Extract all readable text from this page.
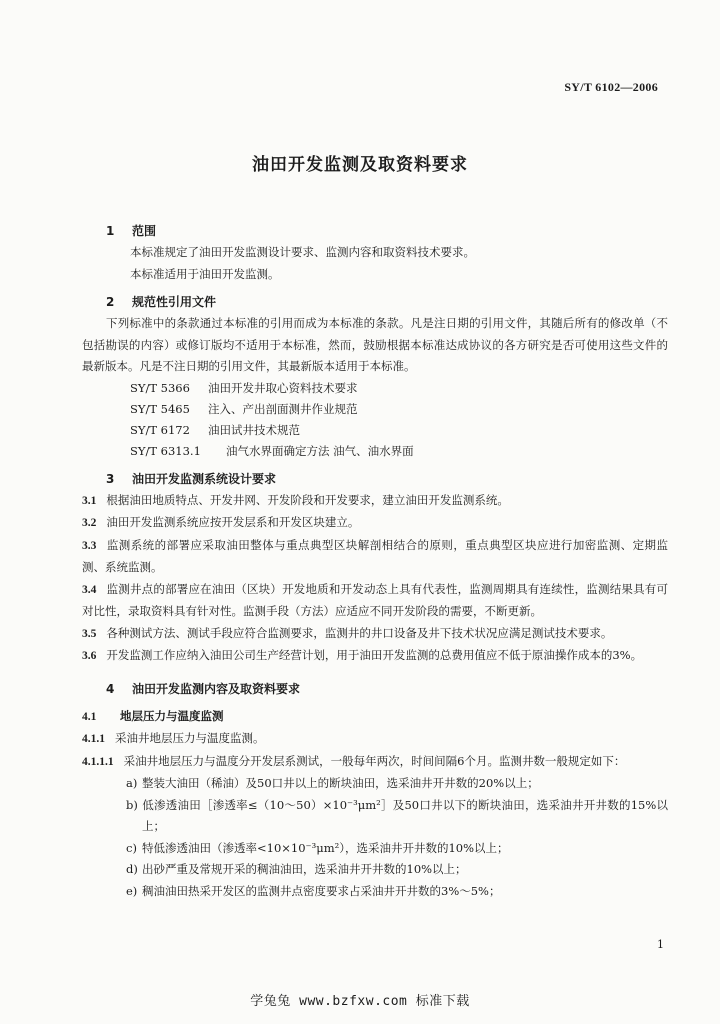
SY/T 6102—2006
油田开发监测及取资料要求
1 范围

本标准规定了油田开发监测设计要求、监测内容和取资料技术要求。

本标准适用于油田开发监测。

2 规范性引用文件

下列标准中的条款通过本标准的引用而成为本标准的条款。凡是注日期的引用文件，其随后所有的修改单（不包括勘误的内容）或修订版均不适用于本标准，然而，鼓励根据本标准达成协议的各方研究是否可使用这些文件的最新版本。凡是不注日期的引用文件，其最新版本适用于本标准。

SY/T 5366 油田开发井取心资料技术要求

SY/T 5465 注入、产出剖面测井作业规范

SY/T 6172 油田试井技术规范

SY/T 6313.1 油气水界面确定方法 油气、油水界面

3 油田开发监测系统设计要求

3.1 根据油田地质特点、开发井网、开发阶段和开发要求，建立油田开发监测系统。

3.2 油田开发监测系统应按开发层系和开发区块建立。

3.3 监测系统的部署应采取油田整体与重点典型区块解剖相结合的原则，重点典型区块应进行加密监测、定期监测、系统监测。

3.4 监测井点的部署应在油田（区块）开发地质和开发动态上具有代表性，监测周期具有连续性，监测结果具有可对比性，录取资料具有针对性。监测手段（方法）应适应不同开发阶段的需要，不断更新。

3.5 各种测试方法、测试手段应符合监测要求，监测井的井口设备及井下技术状况应满足测试技术要求。

3.6 开发监测工作应纳入油田公司生产经营计划，用于油田开发监测的总费用值应不低于原油操作成本的3%。

4 油田开发监测内容及取资料要求

4.1 地层压力与温度监测

4.1.1 采油井地层压力与温度监测。

4.1.1.1 采油井地层压力与温度分开发层系测试，一般每年两次，时间间隔6个月。监测井数一般规定如下：

a) 整装大油田（稀油）及50口井以上的断块油田，选采油井开井数的20%以上；

b) 低渗透油田［渗透率≤（10～50）×10⁻³μm²］及50口井以下的断块油田，选采油井开井数的15%以上；

c) 特低渗透油田（渗透率<10×10⁻³μm²），选采油井开井数的10%以上；

d) 出砂严重及常规开采的稠油油田，选采油井开井数的10%以上；

e) 稠油油田热采开发区的监测井点密度要求占采油井开井数的3%～5%；

1
学兔兔 www.bzfxw.com 标准下载
